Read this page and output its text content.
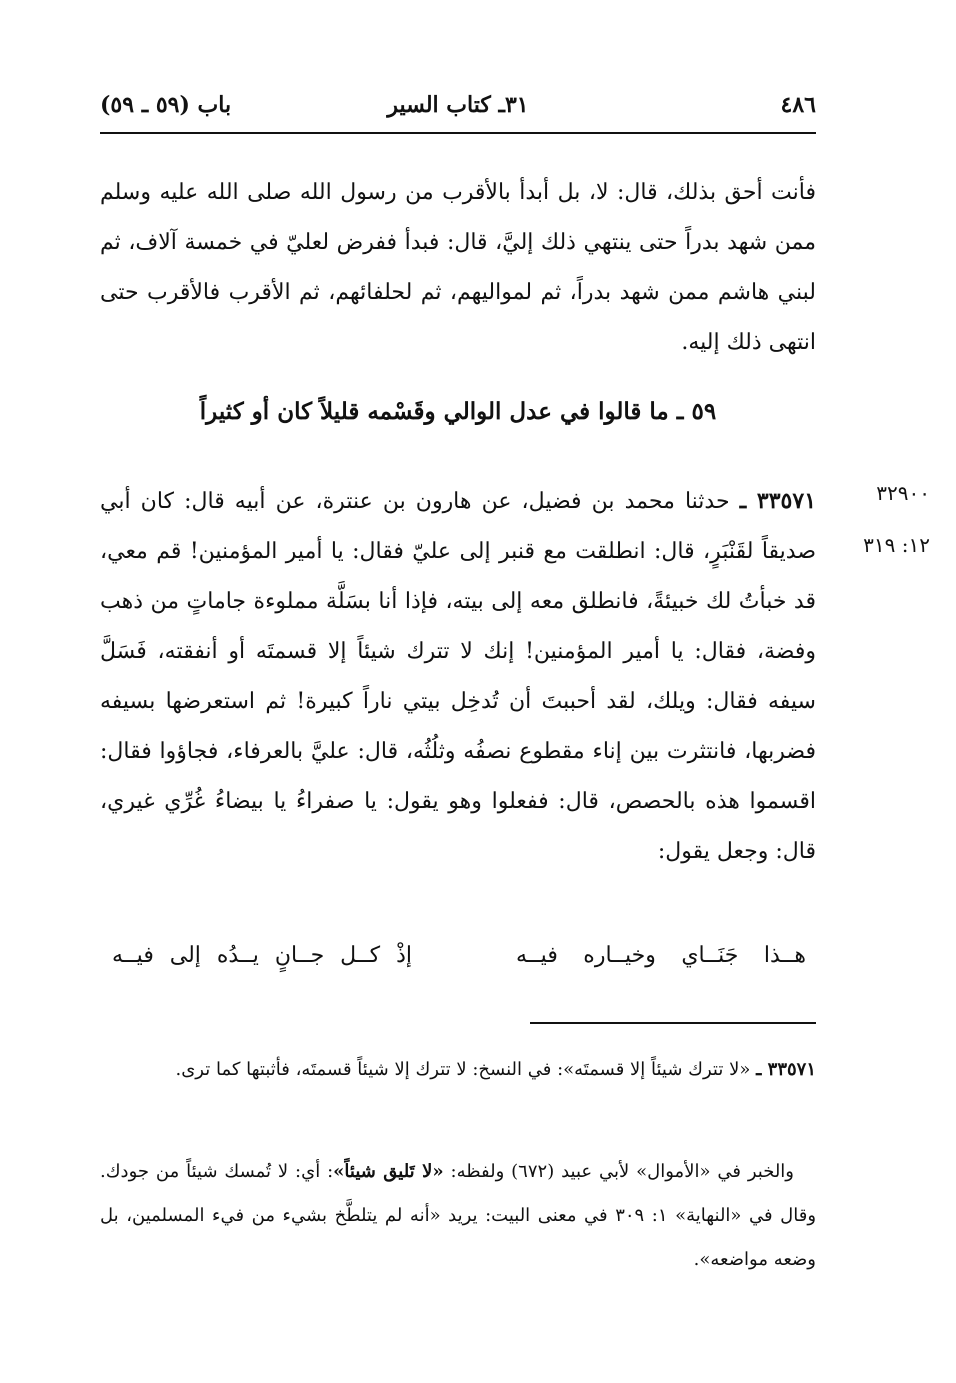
٤٨٦
٣١ـ كتاب السير
باب (٥٩ ـ ٥٩)
فأنت أحق بذلك، قال: لا، بل أبدأ بالأقرب من رسول الله صلى الله عليه وسلم ممن شهد بدراً حتى ينتهي ذلك إليَّ، قال: فبدأ ففرض لعليّ في خمسة آلاف، ثم لبني هاشم ممن شهد بدراً، ثم لمواليهم، ثم لحلفائهم، ثم الأقرب فالأقرب حتى انتهى ذلك إليه.
٥٩ ـ ما قالوا في عدل الوالي وقَسْمه قليلاً كان أو كثيراً
٣٢٩٠٠
١٢: ٣١٩
٣٣٥٧١ ـ حدثنا محمد بن فضيل، عن هارون بن عنترة، عن أبيه قال: كان أبي صديقاً لقَنْبَرٍ، قال: انطلقت مع قنبر إلى عليّ فقال: يا أمير المؤمنين! قم معي، قد خبأتُ لك خبيئةً، فانطلق معه إلى بيته، فإذا أنا بسَلَّة مملوءة جاماتٍ من ذهب وفضة، فقال: يا أمير المؤمنين! إنك لا تترك شيئاً إلا قسمتَه أو أنفقته، فَسَلَّ سيفه فقال: ويلك، لقد أحببتَ أن تُدخِل بيتي ناراً كبيرة! ثم استعرضها بسيفه فضربها، فانتثرت بين إناء مقطوع نصفُه وثلُثُه، قال: عليَّ بالعرفاء، فجاؤوا فقال: اقسموا هذه بالحصص، قال: ففعلوا وهو يقول: يا صفراءُ يا بيضاءُ غُرِّي غيري، قال: وجعل يقول:
هــذا جَنَــاي وخيــاره فيــه
إذْ كــل جــانٍ يــدُه إلى فيــه
٣٣٥٧١ ـ «لا تترك شيئاً إلا قسمتَه»: في النسخ: لا تترك إلا شيئاً قسمتَه، فأثبتها كما ترى.
والخبر في «الأموال» لأبي عبيد (٦٧٢) ولفظه: «لا تَليق شيئاً»: أي: لا تُمسك شيئاً من جودك. وقال في «النهاية» ١: ٣٠٩ في معنى البيت: يريد «أنه لم يتلطَّخ بشيء من فيء المسلمين، بل وضعه مواضعه».
